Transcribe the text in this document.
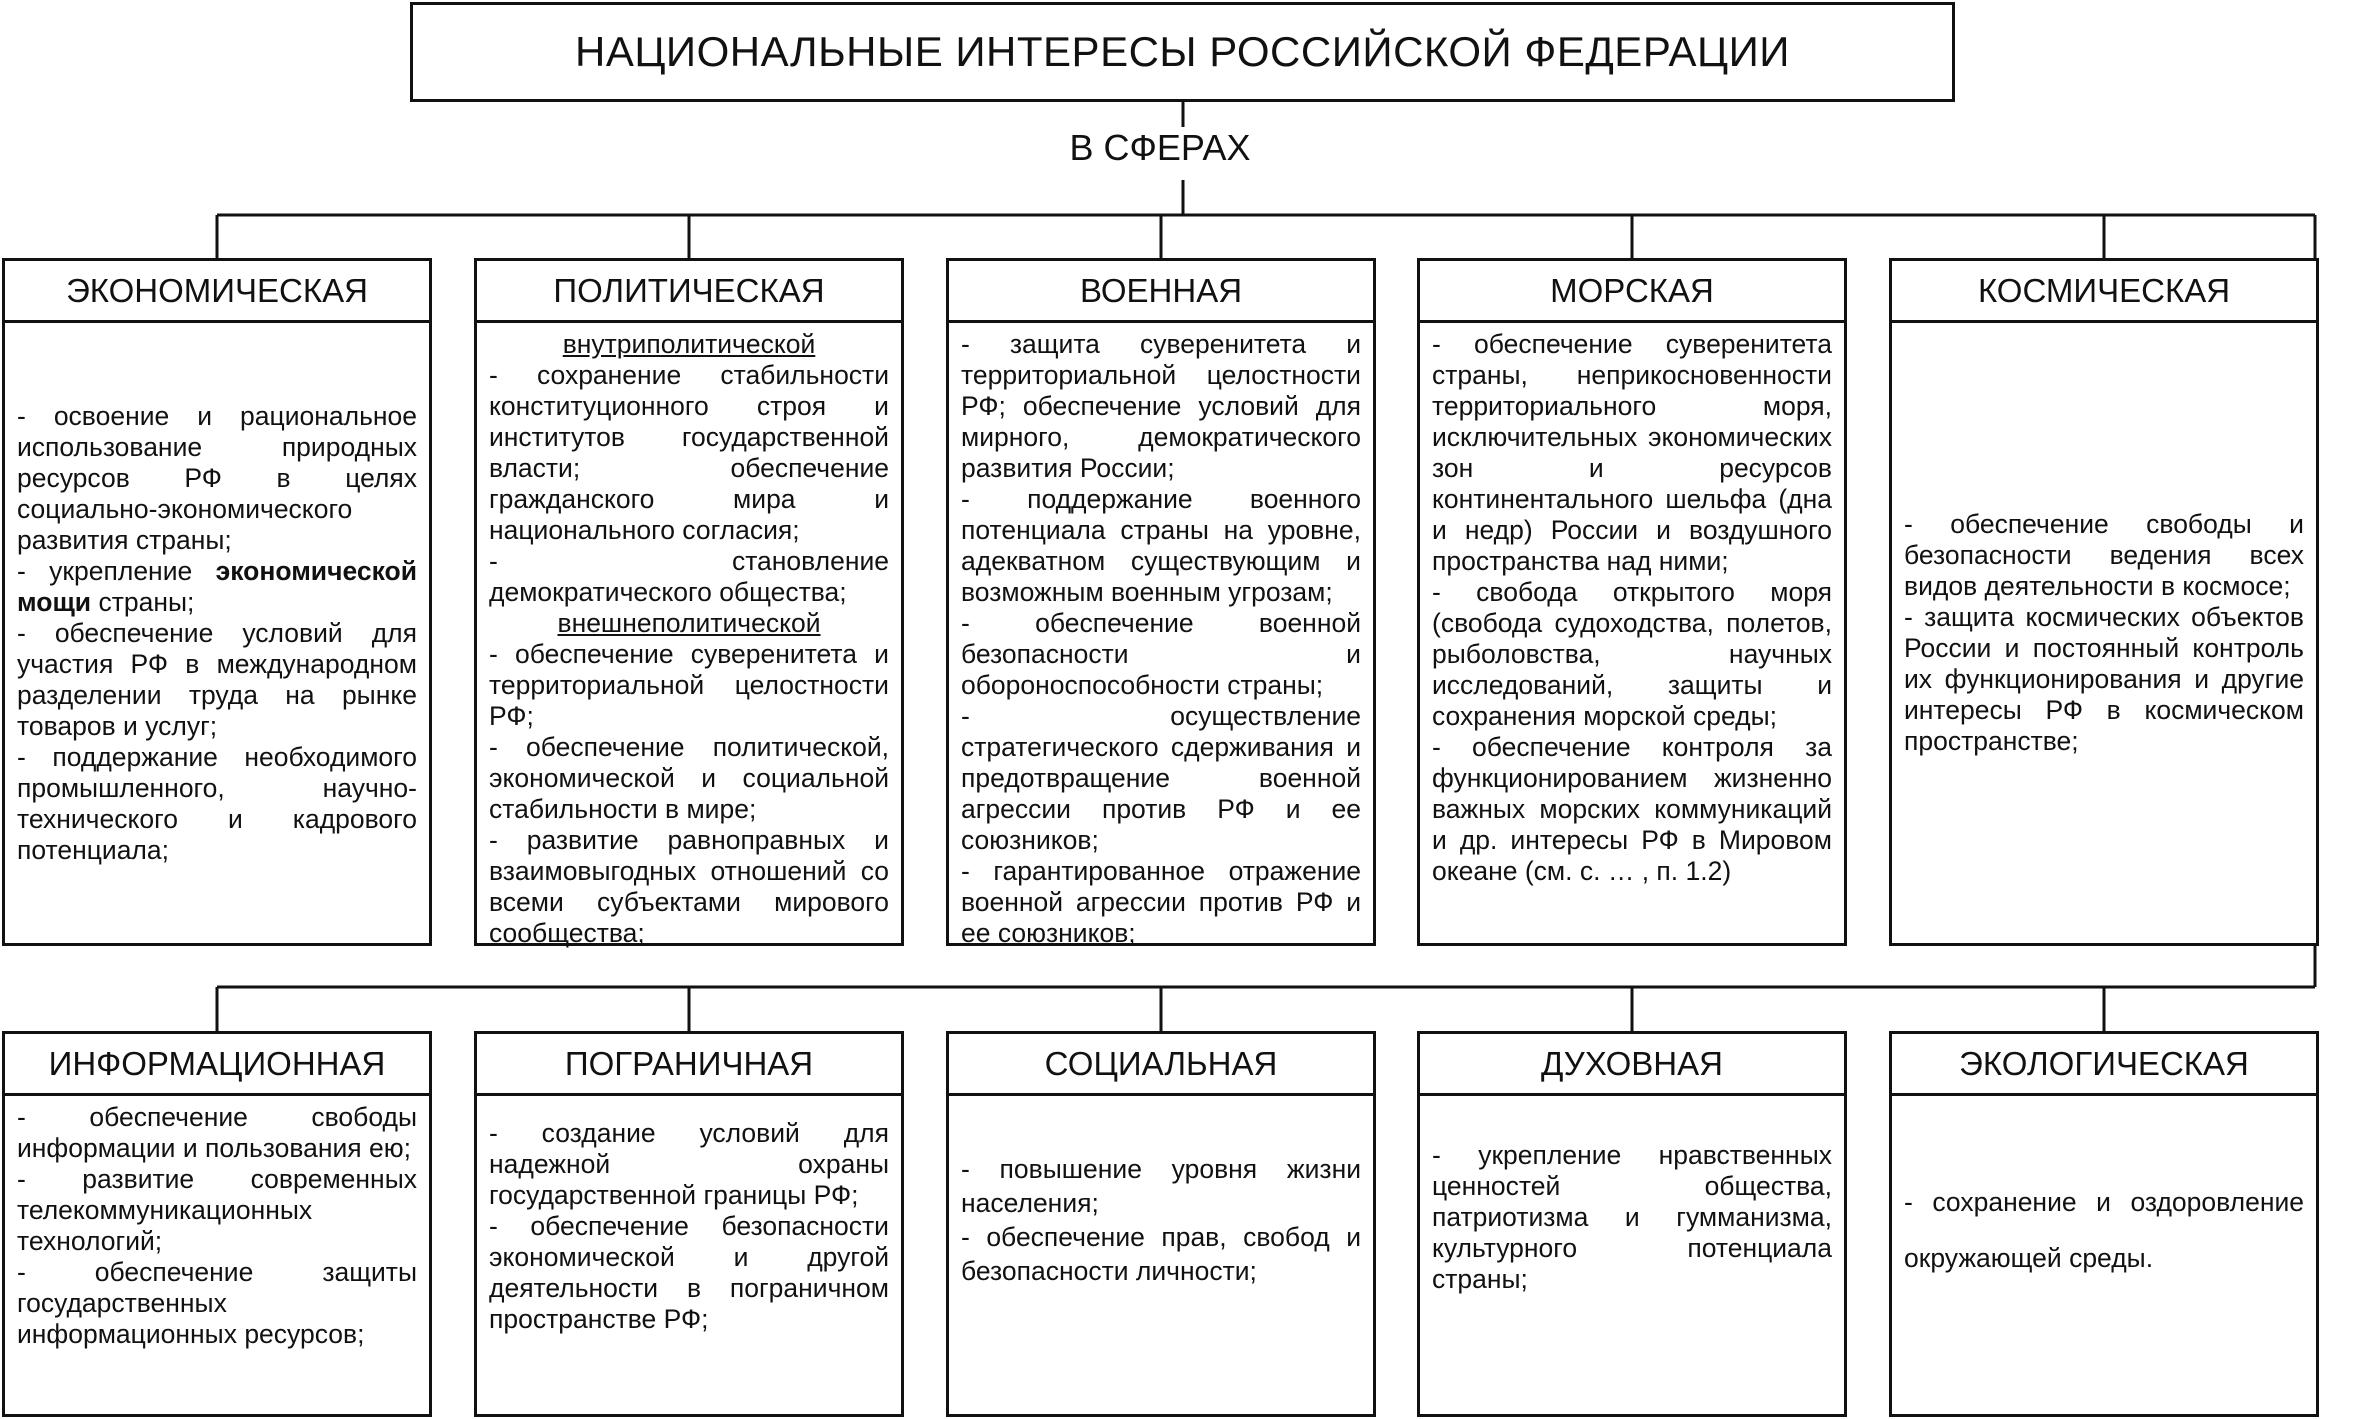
НАЦИОНАЛЬНЫЕ ИНТЕРЕСЫ РОССИЙСКОЙ ФЕДЕРАЦИИ
В СФЕРАХ
ЭКОНОМИЧЕСКАЯ

- освоение и рациональное использование природных ресурсов РФ в целях социально-экономического развития страны;

- укрепление экономической мощи страны;

- обеспечение условий для участия РФ в международном разделении труда на рынке товаров и услуг;

- поддержание необходимого промышленного, научно-технического и кадрового потенциала;

ПОЛИТИЧЕСКАЯ

внутриполитической

- сохранение стабильности конституционного строя и институтов государственной власти; обеспечение гражданского мира и национального согласия;

- становление демократического общества;

внешнеполитической

- обеспечение суверенитета и территориальной целостности РФ;

- обеспечение политической, экономической и социальной стабильности в мире;

- развитие равноправных и взаимовыгодных отношений со всеми субъектами мирового сообщества;

ВОЕННАЯ

- защита суверенитета и территориальной целостности РФ; обеспечение условий для мирного, демократического развития России;

- поддержание военного потенциала страны на уровне, адекватном существующим и возможным военным угрозам;

- обеспечение военной безопасности и обороноспособности страны;

- осуществление стратегического сдерживания и предотвращение военной агрессии против РФ и ее союзников;

- гарантированное отражение военной агрессии против РФ и ее союзников;

МОРСКАЯ

- обеспечение суверенитета страны, неприкосновенности территориального моря, исключительных экономических зон и ресурсов континентального шельфа (дна и недр) России и воздушного пространства над ними;

- свобода открытого моря (свобода судоходства, полетов, рыболовства, научных исследований, защиты и сохранения морской среды;

- обеспечение контроля за функционированием жизненно важных морских коммуникаций и др. интересы РФ в Мировом океане (см. с. … , п. 1.2)

КОСМИЧЕСКАЯ

- обеспечение свободы и безопасности ведения всех видов деятельности в космосе;

- защита космических объектов России и постоянный контроль их функционирования и другие интересы РФ в космическом пространстве;

ИНФОРМАЦИОННАЯ

- обеспечение свободы информации и пользования ею;

- развитие современных телекоммуникационных технологий;

- обеспечение защиты государственных информационных ресурсов;

ПОГРАНИЧНАЯ

- создание условий для надежной охраны государственной границы РФ;

- обеспечение безопасности экономической и другой деятельности в пограничном пространстве РФ;

СОЦИАЛЬНАЯ

- повышение уровня жизни населения;

- обеспечение прав, свобод и безопасности личности;

ДУХОВНАЯ

- укрепление нравственных ценностей общества, патриотизма и гумманизма, культурного потенциала страны;

ЭКОЛОГИЧЕСКАЯ

- сохранение и оздоровление окружающей среды.
